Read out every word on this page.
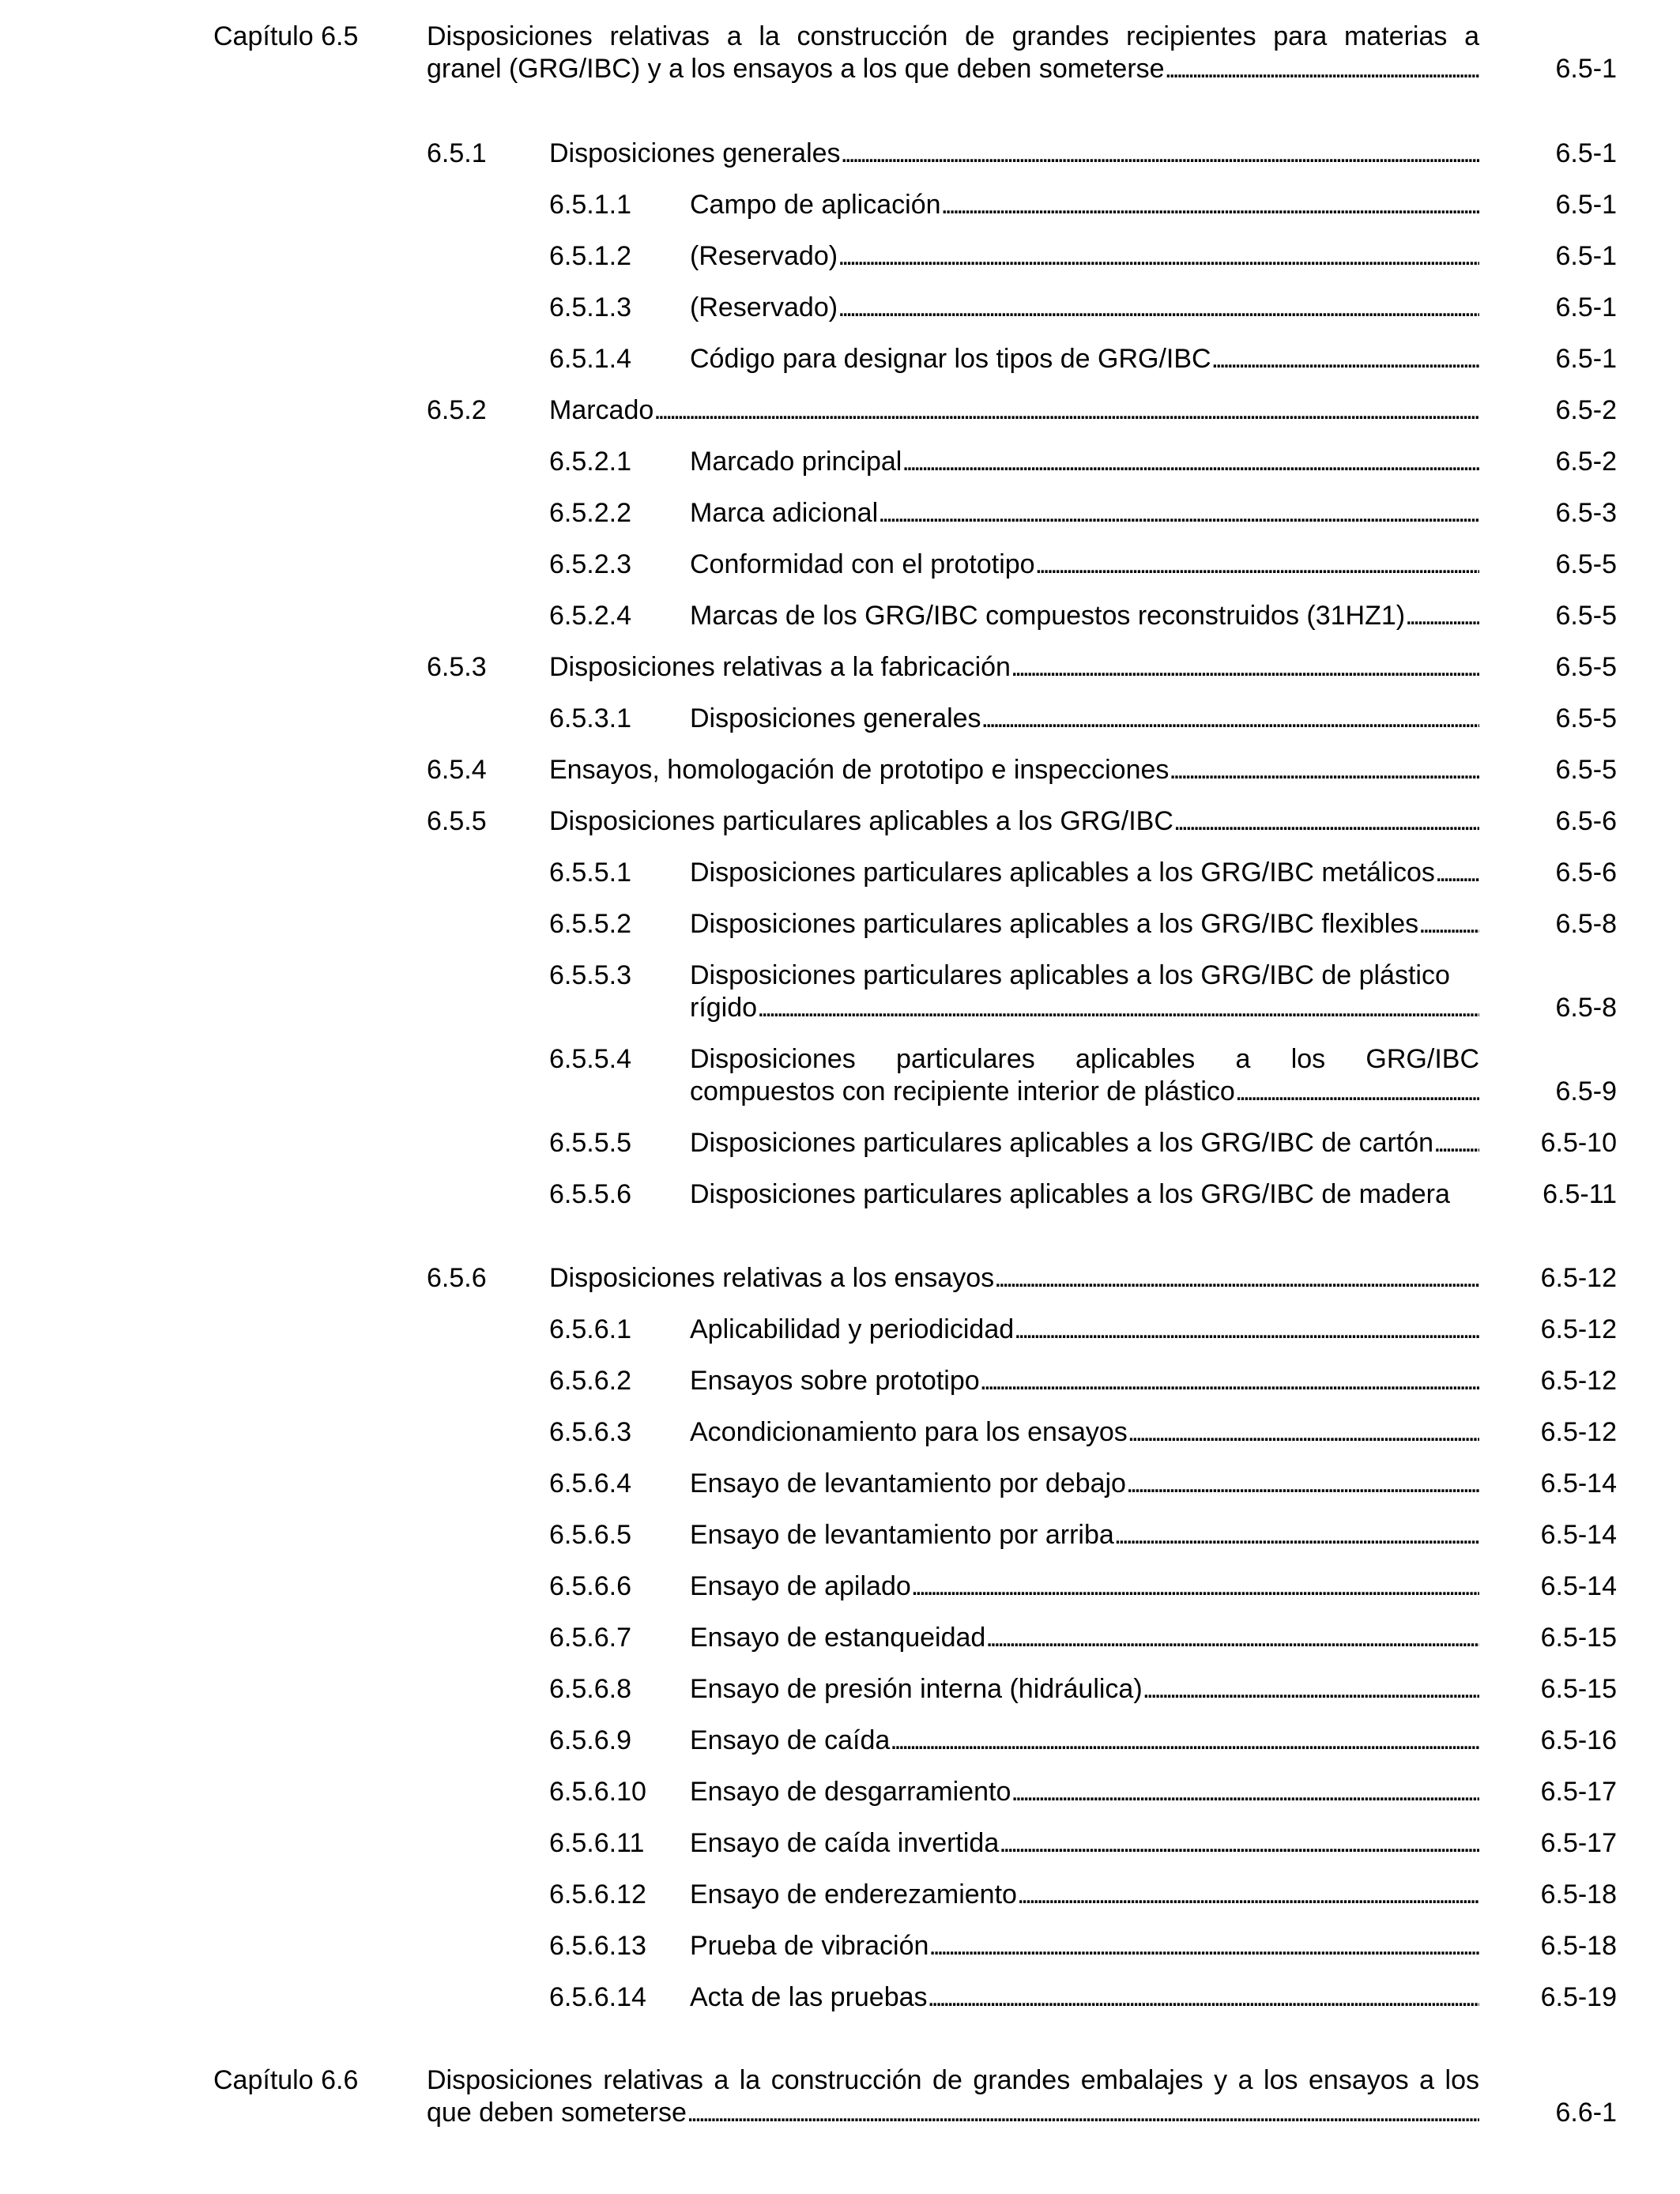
Capítulo 6.5	Disposiciones relativas a la construcción de grandes recipientes para materias a
granel (GRG/IBC) y a los ensayos a los que deben someterse . . .	6.5-1
6.5.1 Disposiciones generales . . .	6.5-1
6.5.1.1 Campo de aplicación . . .	6.5-1
6.5.1.2 (Reservado) . . .	6.5-1
6.5.1.3 (Reservado) . . .	6.5-1
6.5.1.4 Código para designar los tipos de GRG/IBC . . .	6.5-1
6.5.2 Marcado . . .	6.5-2
6.5.2.1 Marcado principal . . .	6.5-2
6.5.2.2 Marca adicional . . .	6.5-3
6.5.2.3 Conformidad con el prototipo . . .	6.5-5
6.5.2.4 Marcas de los GRG/IBC compuestos reconstruidos (31HZ1) . . .	6.5-5
6.5.3 Disposiciones relativas a la fabricación . . .	6.5-5
6.5.3.1 Disposiciones generales . . .	6.5-5
6.5.4 Ensayos, homologación de prototipo e inspecciones . . .	6.5-5
6.5.5 Disposiciones particulares aplicables a los GRG/IBC . . .	6.5-6
6.5.5.1 Disposiciones particulares aplicables a los GRG/IBC metálicos . . .	6.5-6
6.5.5.2 Disposiciones particulares aplicables a los GRG/IBC flexibles . . .	6.5-8
6.5.5.3 Disposiciones particulares aplicables a los GRG/IBC de plástico
rígido . . .	6.5-8
6.5.5.4 Disposiciones particulares aplicables a los GRG/IBC
compuestos con recipiente interior de plástico . . .	6.5-9
6.5.5.5 Disposiciones particulares aplicables a los GRG/IBC de cartón . . .	6.5-10
6.5.5.6 Disposiciones particulares aplicables a los GRG/IBC de madera	6.5-11
6.5.6 Disposiciones relativas a los ensayos . . .	6.5-12
6.5.6.1 Aplicabilidad y periodicidad . . .	6.5-12
6.5.6.2 Ensayos sobre prototipo . . .	6.5-12
6.5.6.3 Acondicionamiento para los ensayos . . .	6.5-12
6.5.6.4 Ensayo de levantamiento por debajo . . .	6.5-14
6.5.6.5 Ensayo de levantamiento por arriba . . .	6.5-14
6.5.6.6 Ensayo de apilado . . .	6.5-14
6.5.6.7 Ensayo de estanqueidad . . .	6.5-15
6.5.6.8 Ensayo de presión interna (hidráulica) . . .	6.5-15
6.5.6.9 Ensayo de caída . . .	6.5-16
6.5.6.10 Ensayo de desgarramiento . . .	6.5-17
6.5.6.11 Ensayo de caída invertida . . .	6.5-17
6.5.6.12 Ensayo de enderezamiento . . .	6.5-18
6.5.6.13 Prueba de vibración . . .	6.5-18
6.5.6.14 Acta de las pruebas . . .	6.5-19
Capítulo 6.6	Disposiciones relativas a la construcción de grandes embalajes y a los ensayos a los
que deben someterse . . .	6.6-1
